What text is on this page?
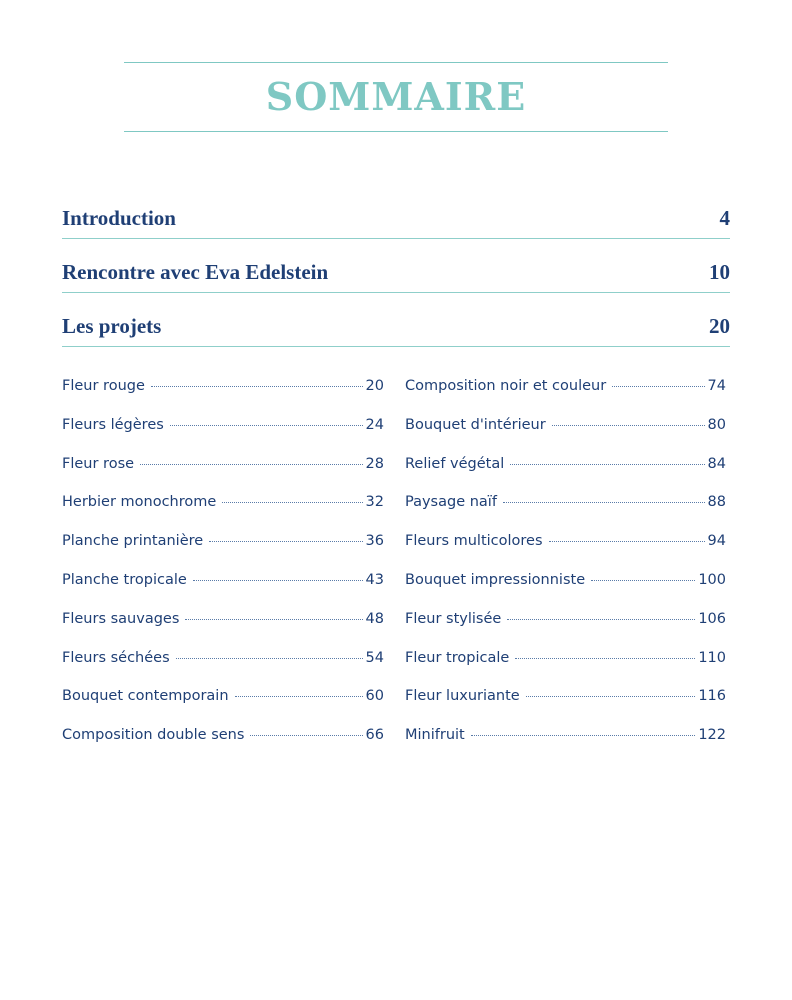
SOMMAIRE
Introduction	4
Rencontre avec Eva Edelstein	10
Les projets	20
Fleur rouge	20
Fleurs légères	24
Fleur rose	28
Herbier monochrome	32
Planche printanière	36
Planche tropicale	43
Fleurs sauvages	48
Fleurs séchées	54
Bouquet contemporain	60
Composition double sens	66
Composition noir et couleur	74
Bouquet d'intérieur	80
Relief végétal	84
Paysage naïf	88
Fleurs multicolores	94
Bouquet impressionniste	100
Fleur stylisée	106
Fleur tropicale	110
Fleur luxuriante	116
Minifruit	122
